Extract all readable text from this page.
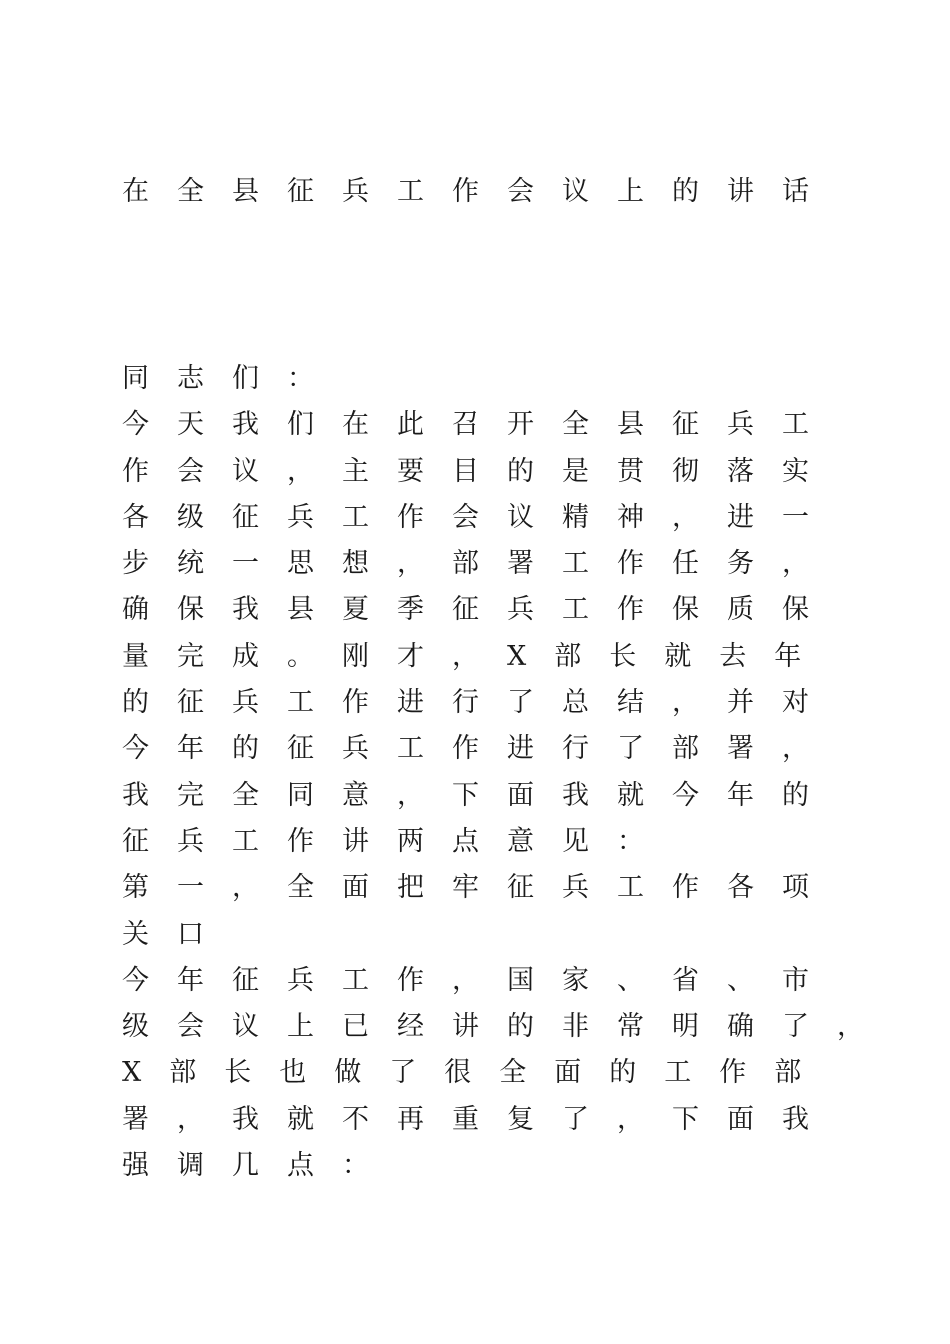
在全县征兵工作会议上的讲话
同志们：
今天我们在此召开全县征兵工
作会议，主要目的是贯彻落实
各级征兵工作会议精神，进一
步统一思想，部署工作任务，
确保我县夏季征兵工作保质保
量完成。刚才，X部长就去年
的征兵工作进行了总结，并对
今年的征兵工作进行了部署，
我完全同意，下面我就今年的
征兵工作讲两点意见：
第一，全面把牢征兵工作各项
关口
今年征兵工作，国家、省、市
级会议上已经讲的非常明确了，
X部长也做了很全面的工作部
署，我就不再重复了，下面我
强调几点：
